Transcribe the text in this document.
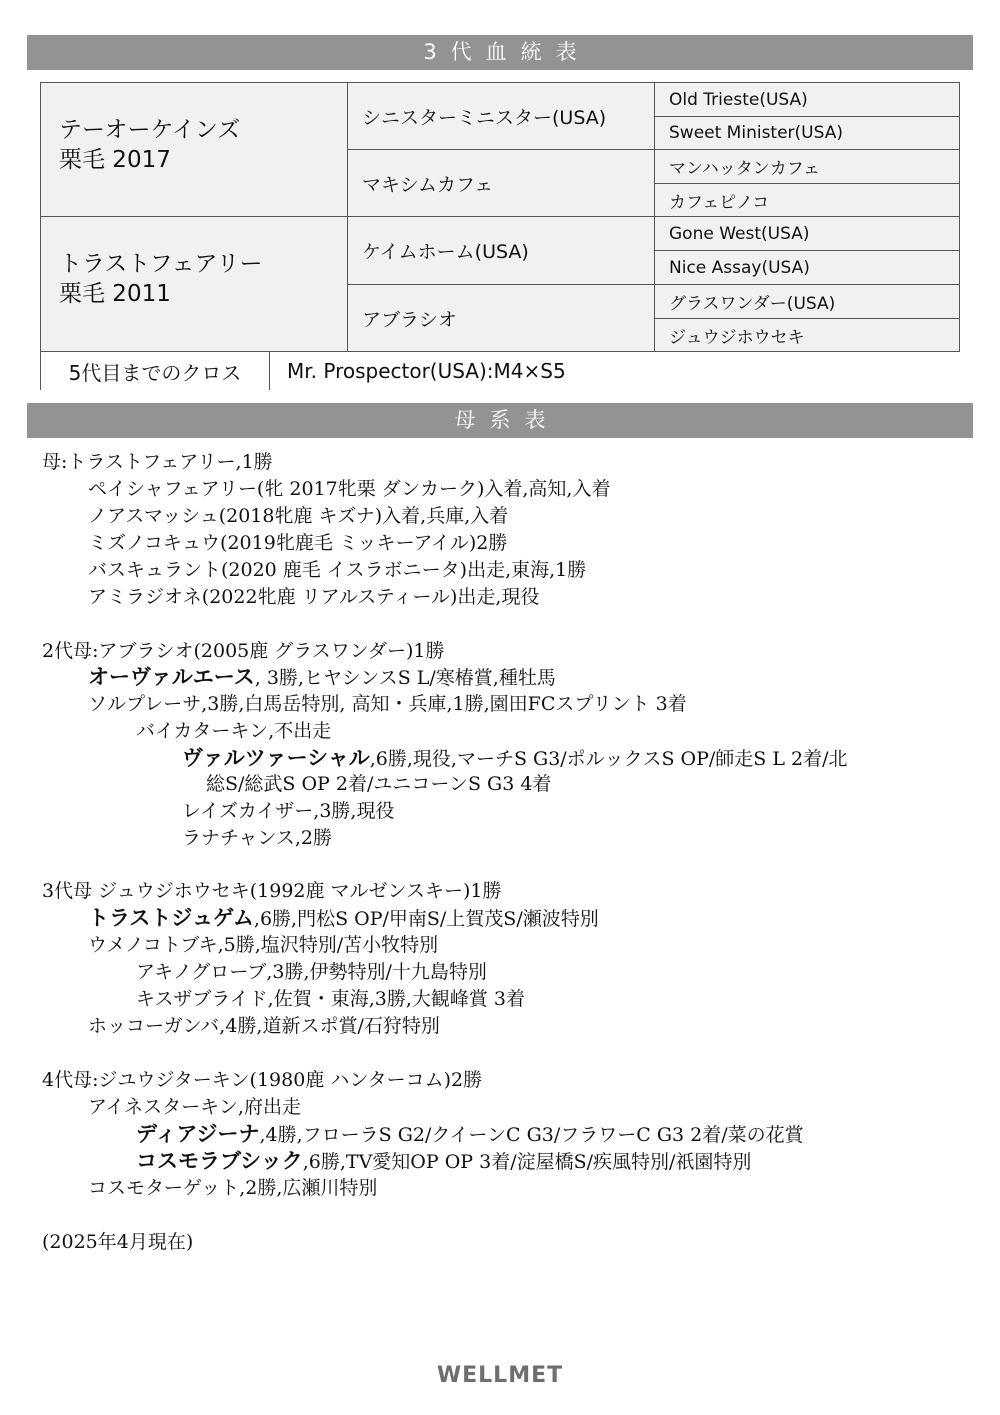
3代血統表
テーオーケインズ
栗毛 2017
シニスターミニスター(USA)
Old Trieste(USA)
Sweet Minister(USA)
マキシムカフェ
マンハッタンカフェ
カフェピノコ
トラストフェアリー
栗毛 2011
ケイムホーム(USA)
Gone West(USA)
Nice Assay(USA)
アブラシオ
グラスワンダー(USA)
ジュウジホウセキ
5代目までのクロス	Mr. Prospector(USA):M4×S5
母系表
母:トラストフェアリー,1勝
ペイシャフェアリー(牝 2017牝栗 ダンカーク)入着,高知,入着
ノアスマッシュ(2018牝鹿 キズナ)入着,兵庫,入着
ミズノコキュウ(2019牝鹿毛 ミッキーアイル)2勝
バスキュラント(2020 鹿毛 イスラボニータ)出走,東海,1勝
アミラジオネ(2022牝鹿 リアルスティール)出走,現役
2代母:アブラシオ(2005鹿 グラスワンダー)1勝
オーヴァルエース, 3勝,ヒヤシンスS L/寒椿賞,種牡馬
ソルプレーサ,3勝,白馬岳特別, 高知・兵庫,1勝,園田FCスプリント 3着
バイカターキン,不出走
ヴァルツァーシャル,6勝,現役,マーチS G3/ポルックスS OP/師走S L 2着/北
総S/総武S OP 2着/ユニコーンS G3 4着
レイズカイザー,3勝,現役
ラナチャンス,2勝
3代母 ジュウジホウセキ(1992鹿 マルゼンスキー)1勝
トラストジュゲム,6勝,門松S OP/甲南S/上賀茂S/瀬波特別
ウメノコトブキ,5勝,塩沢特別/苫小牧特別
アキノグローブ,3勝,伊勢特別/十九島特別
キスザブライド,佐賀・東海,3勝,大観峰賞 3着
ホッコーガンバ,4勝,道新スポ賞/石狩特別
4代母:ジユウジターキン(1980鹿 ハンターコム)2勝
アイネスターキン,府出走
ディアジーナ,4勝,フローラS G2/クイーンC G3/フラワーC G3 2着/菜の花賞
コスモラブシック,6勝,TV愛知OP OP 3着/淀屋橋S/疾風特別/祇園特別
コスモターゲット,2勝,広瀬川特別
(2025年4月現在)
WELLMET
